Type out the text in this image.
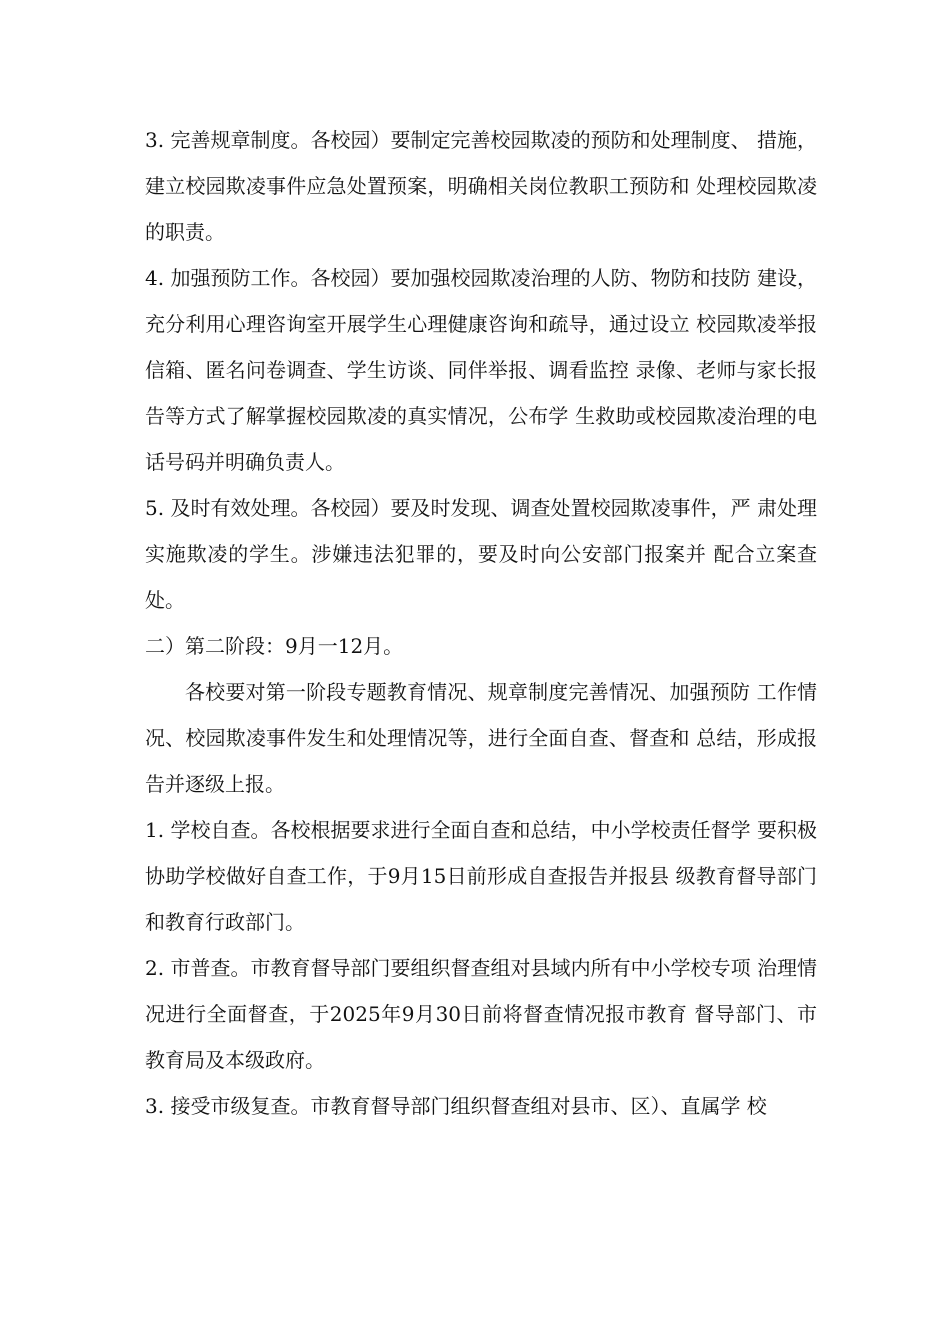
3. 完善规章制度。各校园）要制定完善校园欺凌的预防和处理制度、 措施，建立校园欺凌事件应急处置预案，明确相关岗位教职工预防和 处理校园欺凌的职责。

4. 加强预防工作。各校园）要加强校园欺凌治理的人防、物防和技防 建设，充分利用心理咨询室开展学生心理健康咨询和疏导，通过设立 校园欺凌举报信箱、匿名问卷调查、学生访谈、同伴举报、调看监控 录像、老师与家长报告等方式了解掌握校园欺凌的真实情况，公布学 生救助或校园欺凌治理的电话号码并明确负责人。

5. 及时有效处理。各校园）要及时发现、调查处置校园欺凌事件，严 肃处理实施欺凌的学生。涉嫌违法犯罪的，要及时向公安部门报案并 配合立案查处。

二）第二阶段：9月一12月。

各校要对第一阶段专题教育情况、规章制度完善情况、加强预防 工作情况、校园欺凌事件发生和处理情况等，进行全面自查、督查和 总结，形成报告并逐级上报。

1. 学校自查。各校根据要求进行全面自查和总结，中小学校责任督学 要积极协助学校做好自查工作，于9月15日前形成自查报告并报县 级教育督导部门和教育行政部门。

2. 市普查。市教育督导部门要组织督查组对县域内所有中小学校专项 治理情况进行全面督查，于2025年9月30日前将督查情况报市教育 督导部门、市教育局及本级政府。

3. 接受市级复查。市教育督导部门组织督查组对县市、区）、直属学 校
